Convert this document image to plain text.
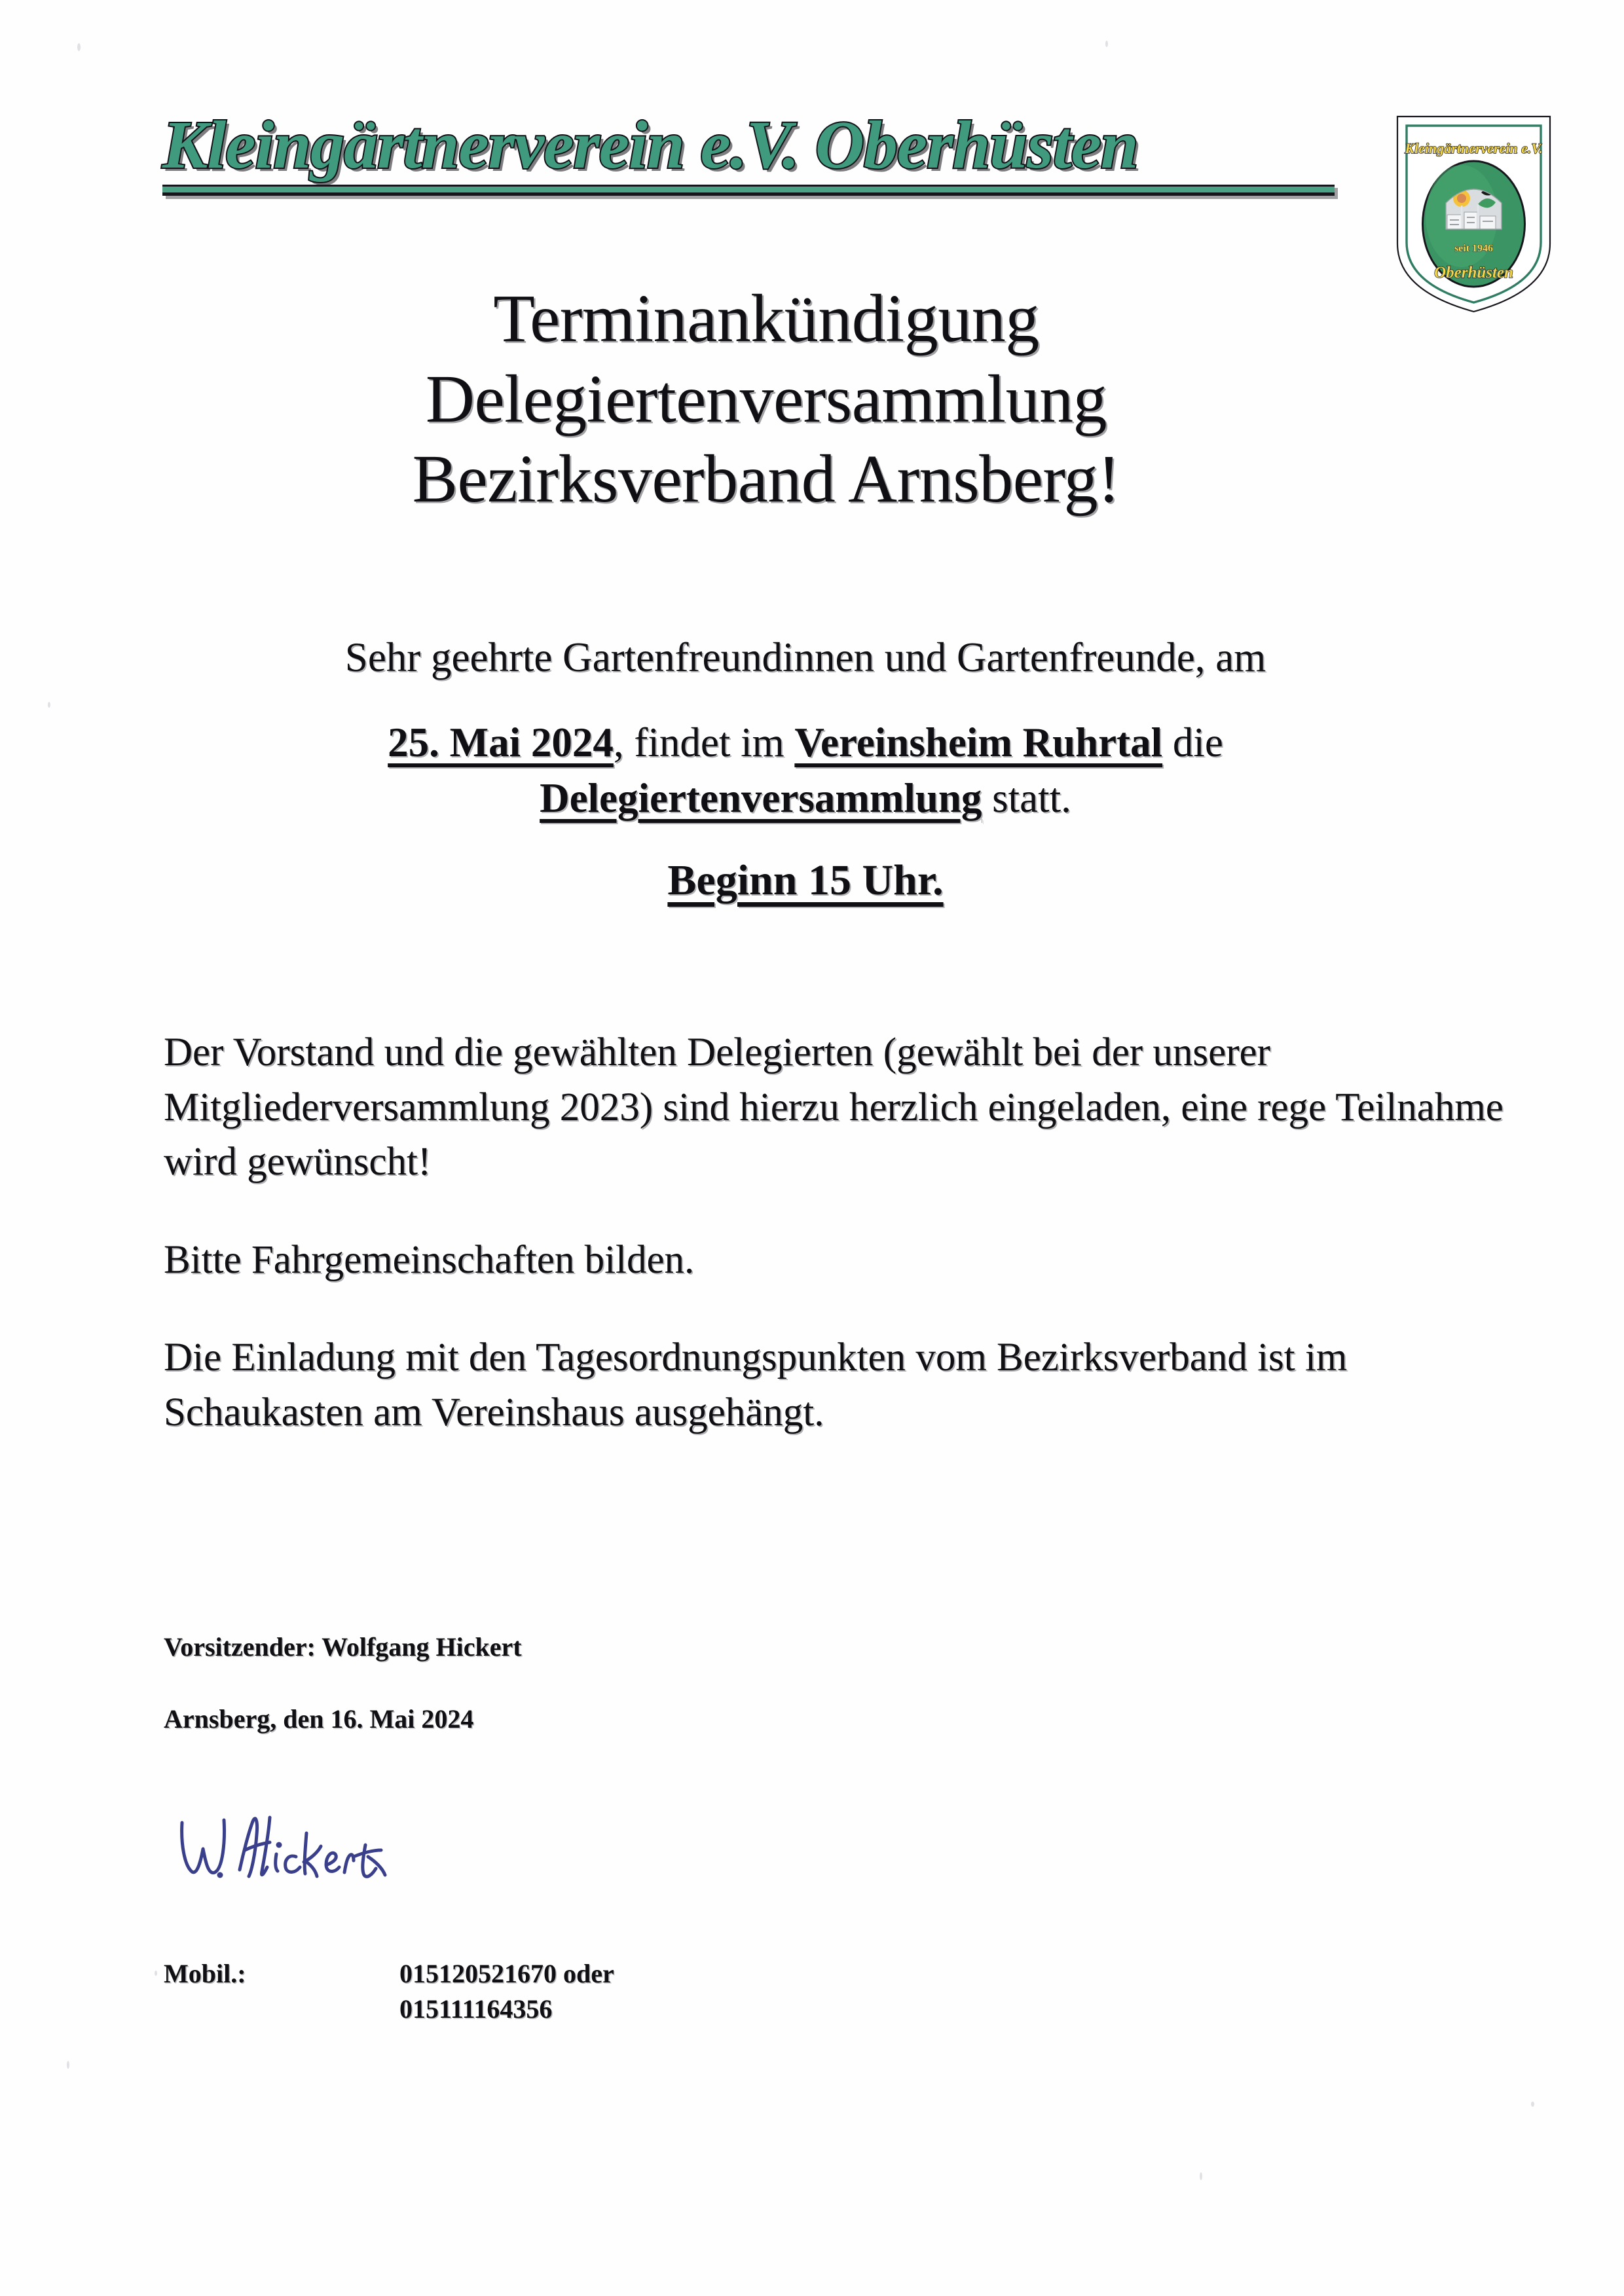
Kleingärtnerverein e.V. Oberhüsten	Kleingärtnerverein e.V.
seit 1946
Oberhüsten
Terminankündigung
Delegiertenversammlung
Bezirksverband Arnsberg!
Sehr geehrte Gartenfreundinnen und Gartenfreunde, am
25. Mai 2024, findet im Vereinsheim Ruhrtal die
Delegiertenversammlung statt.
Beginn 15 Uhr.

Der Vorstand und die gewählten Delegierten (gewählt bei der unserer Mitgliederversammlung 2023) sind hierzu herzlich eingeladen, eine rege Teilnahme wird gewünscht!

Bitte Fahrgemeinschaften bilden.

Die Einladung mit den Tagesordnungspunkten vom Bezirksverband ist im Schaukasten am Vereinshaus ausgehängt.

Vorsitzender: Wolfgang Hickert
Arnsberg, den 16. Mai 2024
Mobil.:	015120521670 oder
015111164356
